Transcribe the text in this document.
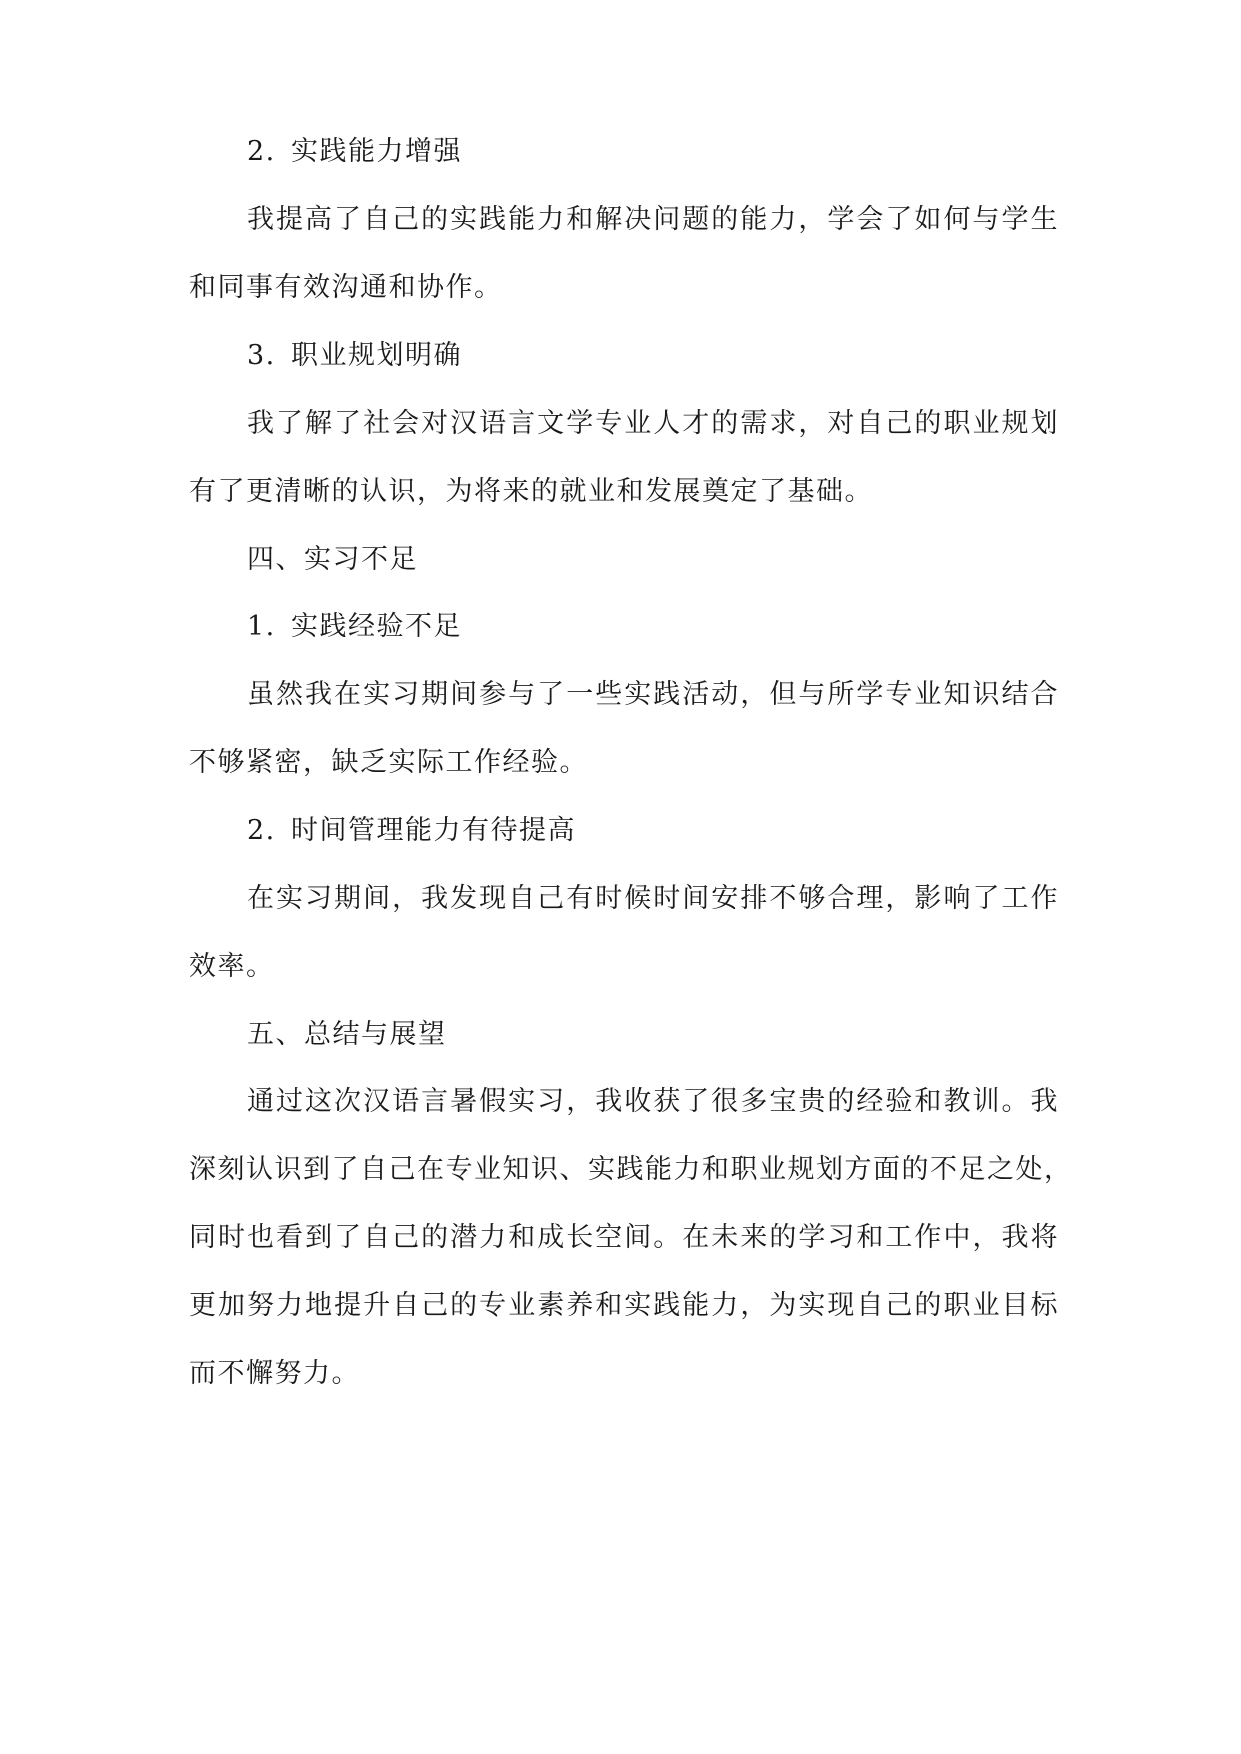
2. 实践能力增强
我提高了自己的实践能力和解决问题的能力，学会了如何与学生
和同事有效沟通和协作。
3. 职业规划明确
我了解了社会对汉语言文学专业人才的需求，对自己的职业规划
有了更清晰的认识，为将来的就业和发展奠定了基础。
四、实习不足
1. 实践经验不足
虽然我在实习期间参与了一些实践活动，但与所学专业知识结合
不够紧密，缺乏实际工作经验。
2. 时间管理能力有待提高
在实习期间，我发现自己有时候时间安排不够合理，影响了工作
效率。
五、总结与展望
通过这次汉语言暑假实习，我收获了很多宝贵的经验和教训。我
深刻认识到了自己在专业知识、实践能力和职业规划方面的不足之处，
同时也看到了自己的潜力和成长空间。在未来的学习和工作中，我将
更加努力地提升自己的专业素养和实践能力，为实现自己的职业目标
而不懈努力。
